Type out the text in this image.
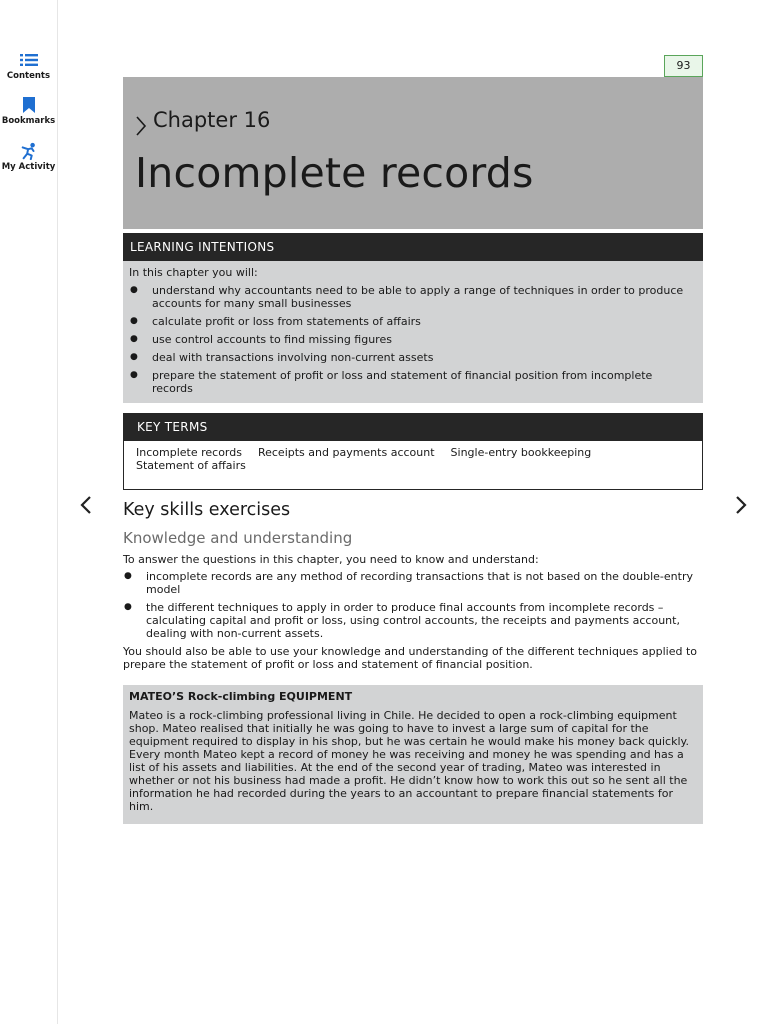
Contents
Bookmarks
My Activity
93
Chapter 16
Incomplete records
LEARNING INTENTIONS
In this chapter you will:
● understand why accountants need to be able to apply a range of techniques in order to produce accounts for many small businesses
● calculate profit or loss from statements of affairs
● use control accounts to find missing figures
● deal with transactions involving non-current assets
● prepare the statement of profit or loss and statement of financial position from incomplete records
KEY TERMS
Incomplete records Receipts and payments account Single-entry bookkeeping
Statement of affairs
Key skills exercises
Knowledge and understanding

To answer the questions in this chapter, you need to know and understand:

● incomplete records are any method of recording transactions that is not based on the double-entry model
● the different techniques to apply in order to produce final accounts from incomplete records – calculating capital and profit or loss, using control accounts, the receipts and payments account, dealing with non-current assets.

You should also be able to use your knowledge and understanding of the different techniques applied to prepare the statement of profit or loss and statement of financial position.

MATEO’S Rock-climbing EQUIPMENT
Mateo is a rock-climbing professional living in Chile. He decided to open a rock-climbing equipment shop. Mateo realised that initially he was going to have to invest a large sum of capital for the equipment required to display in his shop, but he was certain he would make his money back quickly. Every month Mateo kept a record of money he was receiving and money he was spending and has a list of his assets and liabilities. At the end of the second year of trading, Mateo was interested in whether or not his business had made a profit. He didn’t know how to work this out so he sent all the information he had recorded during the years to an accountant to prepare financial statements for him.
